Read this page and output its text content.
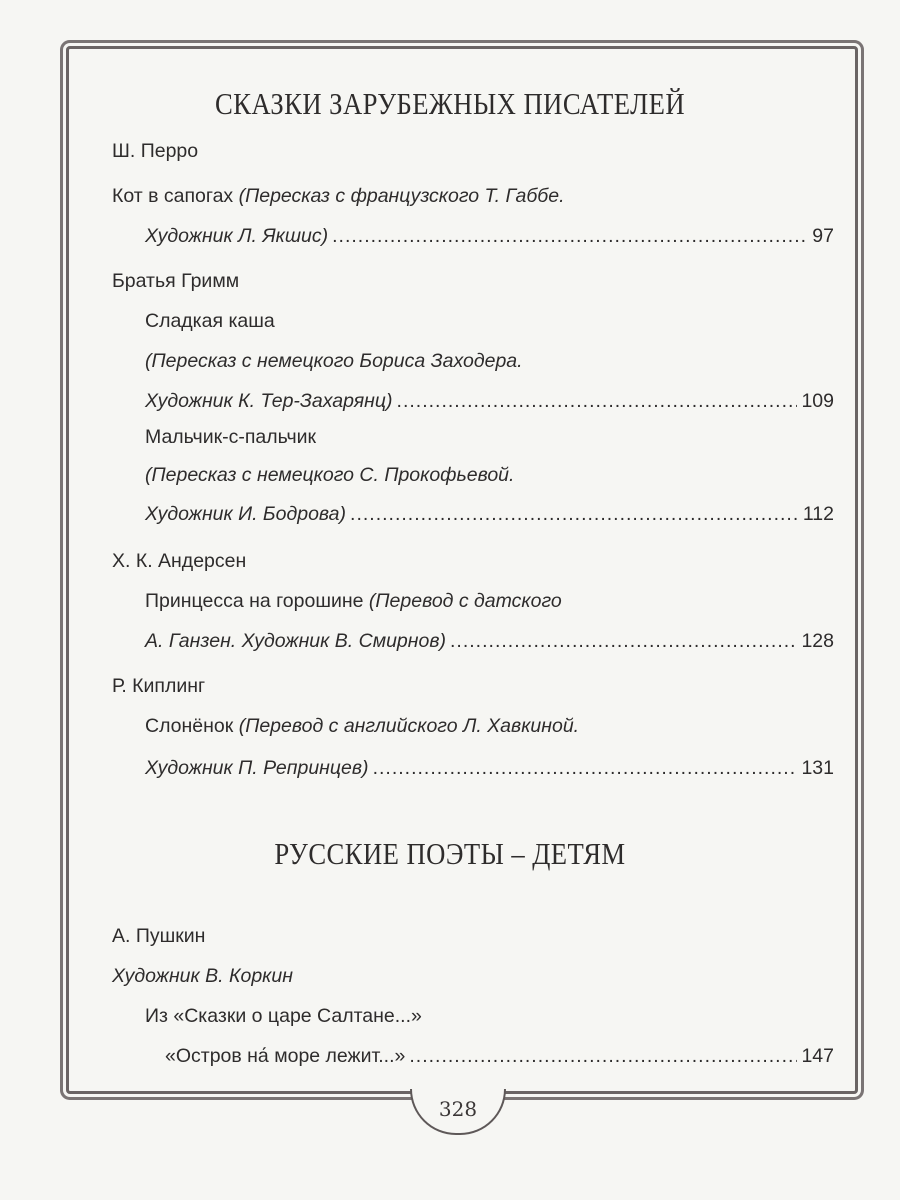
СКАЗКИ ЗАРУБЕЖНЫХ ПИСАТЕЛЕЙ
Ш. Перро
Кот в сапогах
(Пересказ с французского Т. Габбе.
Художник Л. Якшис) .....	97
Братья Гримм
Сладкая каша
(Пересказ с немецкого Бориса Заходера.
Художник К. Тер-Захарянц) .....	109
Мальчик-с-пальчик
(Пересказ с немецкого С. Прокофьевой.
Художник И. Бодрова) .....	112
Х. К. Андерсен
Принцесса на горошине
(Перевод с датского
А. Ганзен. Художник В. Смирнов) .....	128
Р. Киплинг
Слонёнок
(Перевод с английского Л. Хавкиной.
Художник П. Репринцев) .....	131
РУССКИЕ ПОЭТЫ – ДЕТЯМ
А. Пушкин
Художник В. Коркин
Из «Сказки о царе Салтане...»
«Остров на́ море лежит...» .....	147
328
